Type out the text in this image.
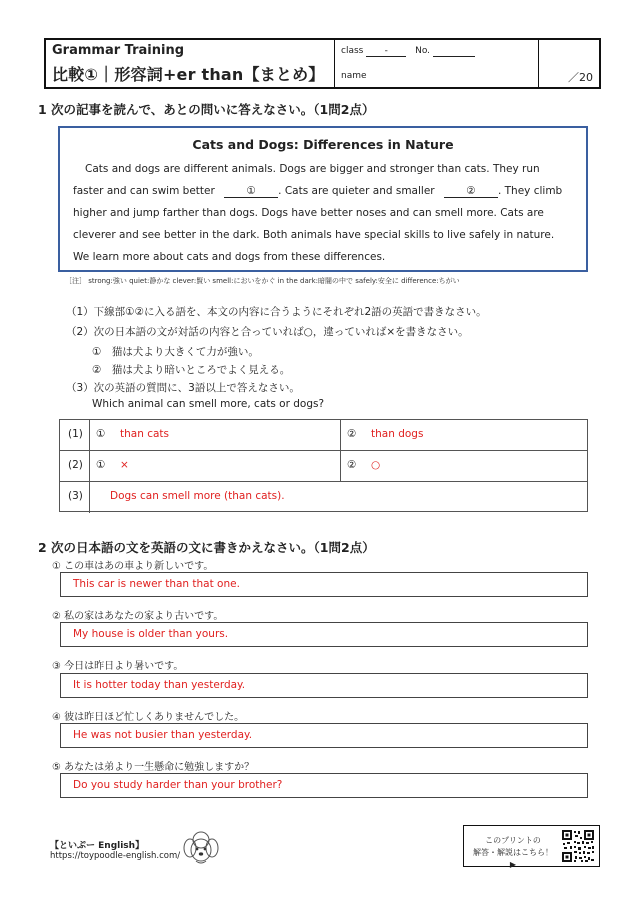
Grammar Training
比較①｜形容詞+er than【まとめ】
class -	No.
name	／20
1 次の記事を読んで、あとの問いに答えなさい。（1問2点）
Cats and Dogs: Differences in Nature
Cats and dogs are different animals. Dogs are bigger and stronger than cats. They run
faster and can swim better	① . Cats are quieter and smaller	② . They climb
higher and jump farther than dogs. Dogs have better noses and can smell more. Cats are
cleverer and see better in the dark. Both animals have special skills to live safely in nature.
We learn more about cats and dogs from these differences.
［注］ strong:強い quiet:静かな clever:賢い smell:においをかぐ in the dark:暗闇の中で safely:安全に difference:ちがい
（1）下線部①②に入る語を、本文の内容に合うようにそれぞれ2語の英語で書きなさい。
（2）次の日本語の文が対話の内容と合っていれば○，違っていれば×を書きなさい。
①　猫は犬より大きくて力が強い。
②　猫は犬より暗いところでよく見える。
（3）次の英語の質問に、3語以上で答えなさい。
Which animal can smell more, cats or dogs?
(1) ① than cats	② than dogs
(2) ① ×	② ○
(3)	Dogs can smell more (than cats).
2 次の日本語の文を英語の文に書きかえなさい。（1問2点）
① この車はあの車より新しいです。
This car is newer than that one.
② 私の家はあなたの家より古いです。
My house is older than yours.
③ 今日は昨日より暑いです。
It is hotter today than yesterday.
④ 彼は昨日ほど忙しくありませんでした。
He was not busier than yesterday.
⑤ あなたは弟より一生懸命に勉強しますか？
Do you study harder than your brother?
【といぷー English】
https://toypoodle-english.com/
このプリントの
解答・解説はこちら！▶
